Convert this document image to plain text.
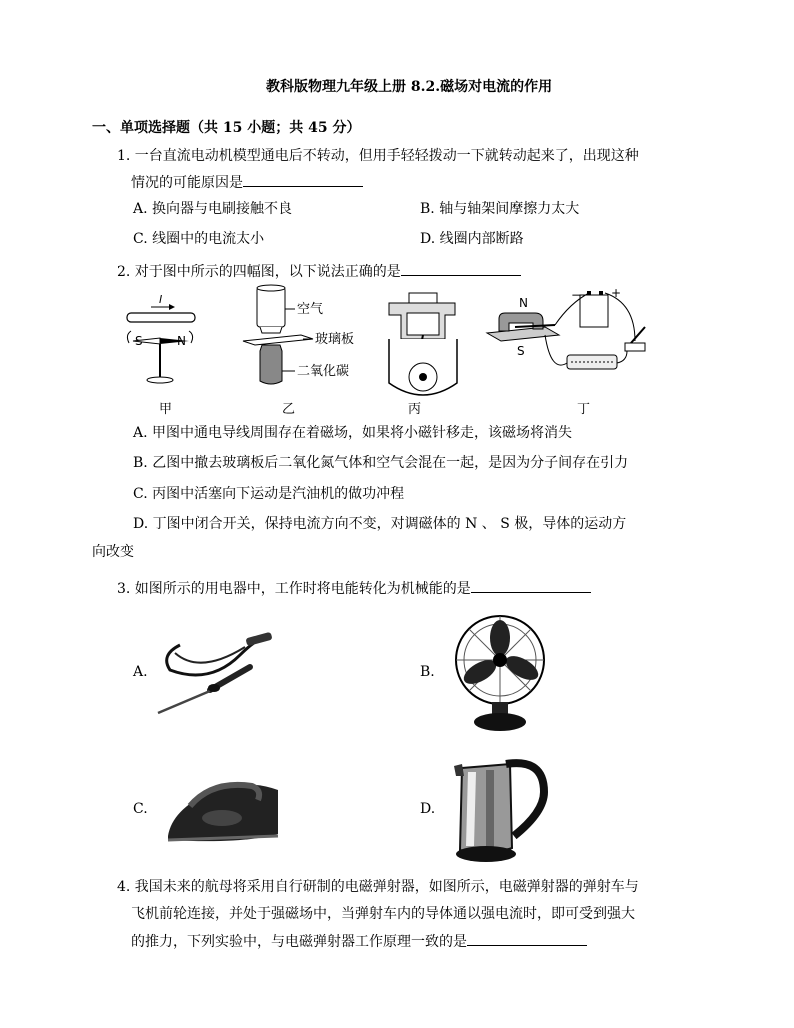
教科版物理九年级上册 8.2.磁场对电流的作用
一、单项选择题（共 15 小题；共 45 分）
1. 一台直流电动机模型通电后不转动，但用手轻轻拨动一下就转动起来了，出现这种
情况的可能原因是
A. 换向器与电刷接触不良	B. 轴与轴架间摩擦力太大
C. 线圈中的电流太小	D. 线圈内部断路
2. 对于图中所示的四幅图，以下说法正确的是
I
空气
玻璃板
二氧化碳
N
S
− +
甲	乙	丙	丁
A. 甲图中通电导线周围存在着磁场，如果将小磁针移走，该磁场将消失
B. 乙图中撤去玻璃板后二氧化氮气体和空气会混在一起，是因为分子间存在引力
C. 丙图中活塞向下运动是汽油机的做功冲程
D. 丁图中闭合开关，保持电流方向不变，对调磁体的 N 、 S 极，导体的运动方
向改变
3. 如图所示的用电器中，工作时将电能转化为机械能的是
A.	B.
C.	D.
4. 我国未来的航母将采用自行研制的电磁弹射器，如图所示，电磁弹射器的弹射车与
飞机前轮连接，并处于强磁场中，当弹射车内的导体通以强电流时，即可受到强大
的推力，下列实验中，与电磁弹射器工作原理一致的是
